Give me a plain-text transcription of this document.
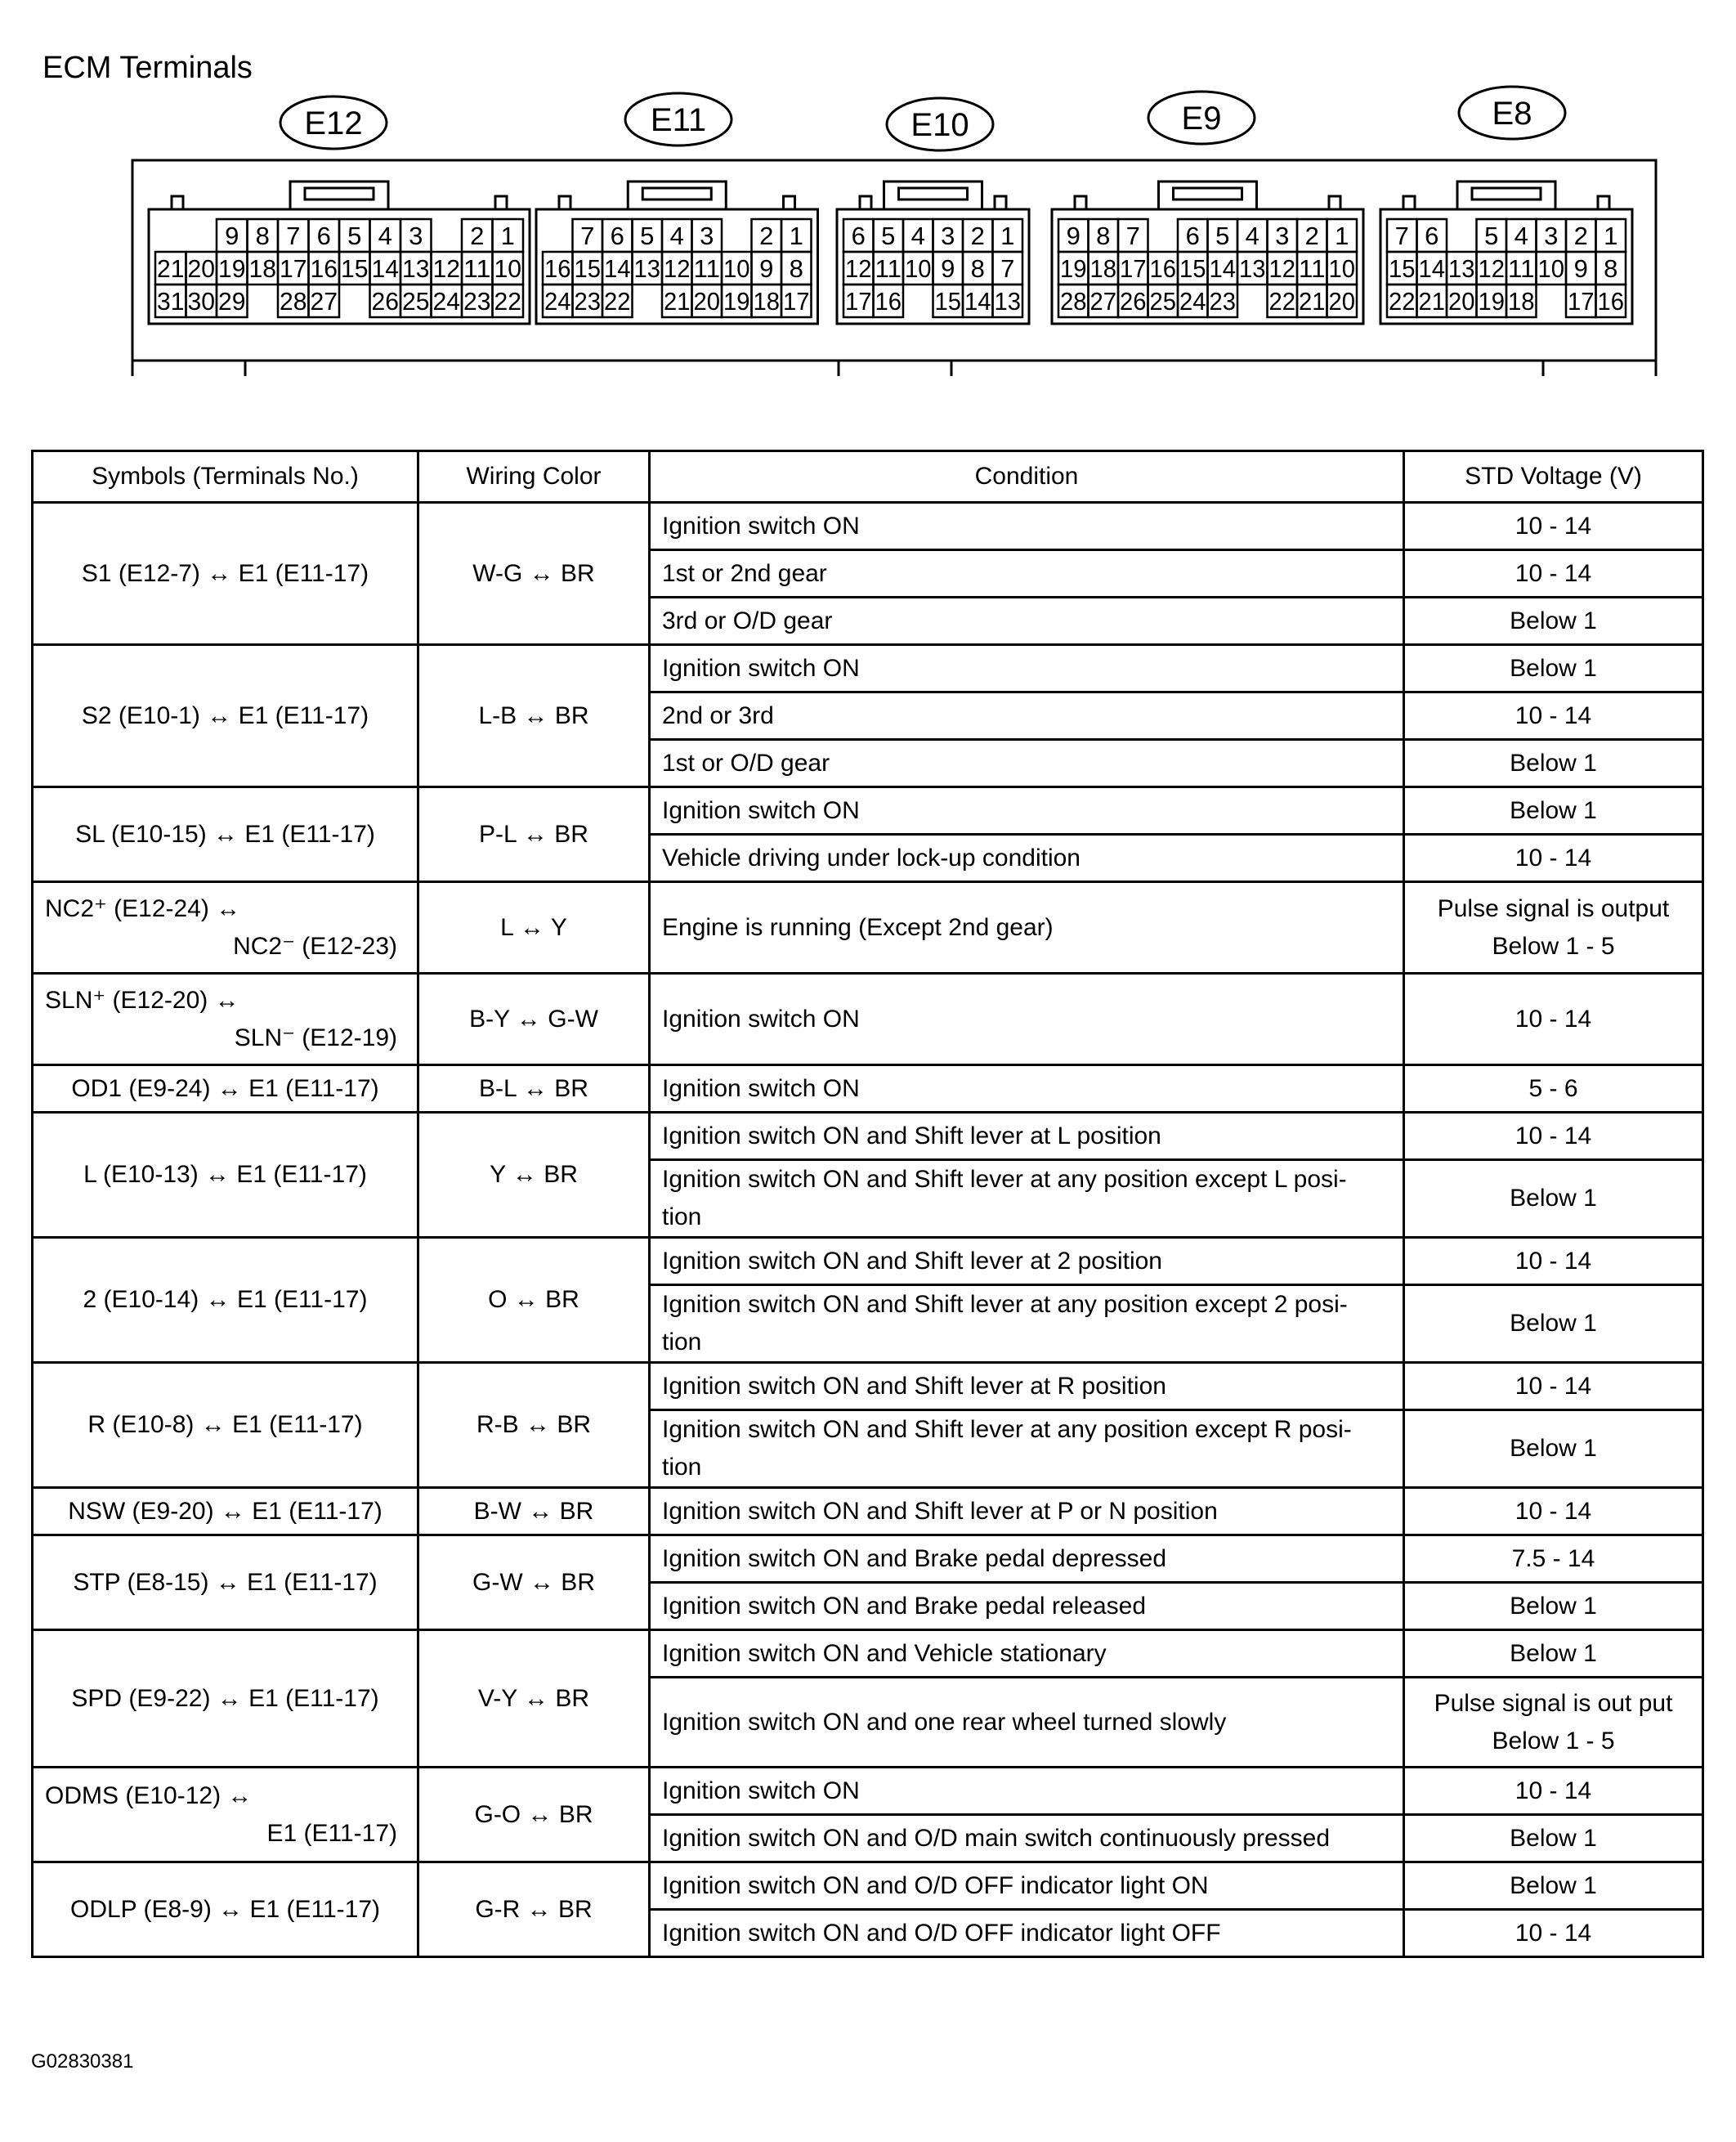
ECM Terminals
E12
9 8 7 6 5 4 3 2 1
21 20 19 18 17 16 15 14 13 12 11 10
31 30 29 28 27 26 25 24 23 22
E11
7 6 5 4 3 2 1
16 15 14 13 12 11 10 9 8
24 23 22 21 20 19 18 17
E10
6 5 4 3 2 1
12 11 10 9 8 7
17 16 15 14 13
E9
9 8 7 6 5 4 3 2 1
19 18 17 16 15 14 13 12 11 10
28 27 26 25 24 23 22 21 20
E8
7 6 5 4 3 2 1
15 14 13 12 11 10 9 8
22 21 20 19 18 17 16
Symbols (Terminals No.)	Wiring Color	Condition	STD Voltage (V)
S1 (E12-7) ↔ E1 (E11-17)	W-G ↔ BR	Ignition switch ON	10 - 14
		1st or 2nd gear	10 - 14
		3rd or O/D gear	Below 1
S2 (E10-1) ↔ E1 (E11-17)	L-B ↔ BR	Ignition switch ON	Below 1
		2nd or 3rd	10 - 14
		1st or O/D gear	Below 1
SL (E10-15) ↔ E1 (E11-17)	P-L ↔ BR	Ignition switch ON	Below 1
		Vehicle driving under lock-up condition	10 - 14

NC2⁺ (E12-24) ↔
NC2⁻ (E12-23)	L ↔ Y	Engine is running (Except 2nd gear)	Pulse signal is output
Below 1 - 5

SLN⁺ (E12-20) ↔
SLN⁻ (E12-19)	B-Y ↔ G-W	Ignition switch ON	10 - 14
OD1 (E9-24) ↔ E1 (E11-17)	B-L ↔ BR	Ignition switch ON	5 - 6
L (E10-13) ↔ E1 (E11-17)	Y ↔ BR	Ignition switch ON and Shift lever at L position	10 - 14
		Ignition switch ON and Shift lever at any position except L posi- tion	Below 1
2 (E10-14) ↔ E1 (E11-17)	O ↔ BR	Ignition switch ON and Shift lever at 2 position	10 - 14
		Ignition switch ON and Shift lever at any position except 2 posi- tion	Below 1
R (E10-8) ↔ E1 (E11-17)	R-B ↔ BR	Ignition switch ON and Shift lever at R position	10 - 14
		Ignition switch ON and Shift lever at any position except R posi- tion	Below 1
NSW (E9-20) ↔ E1 (E11-17)	B-W ↔ BR	Ignition switch ON and Shift lever at P or N position	10 - 14
STP (E8-15) ↔ E1 (E11-17)	G-W ↔ BR	Ignition switch ON and Brake pedal depressed	7.5 - 14
		Ignition switch ON and Brake pedal released	Below 1
SPD (E9-22) ↔ E1 (E11-17)	V-Y ↔ BR	Ignition switch ON and Vehicle stationary	Below 1
		Ignition switch ON and one rear wheel turned slowly	Pulse signal is out put
Below 1 - 5

ODMS (E10-12) ↔
E1 (E11-17)	G-O ↔ BR	Ignition switch ON	10 - 14
		Ignition switch ON and O/D main switch continuously pressed	Below 1
ODLP (E8-9) ↔ E1 (E11-17)	G-R ↔ BR	Ignition switch ON and O/D OFF indicator light ON	Below 1
		Ignition switch ON and O/D OFF indicator light OFF	10 - 14
G02830381
